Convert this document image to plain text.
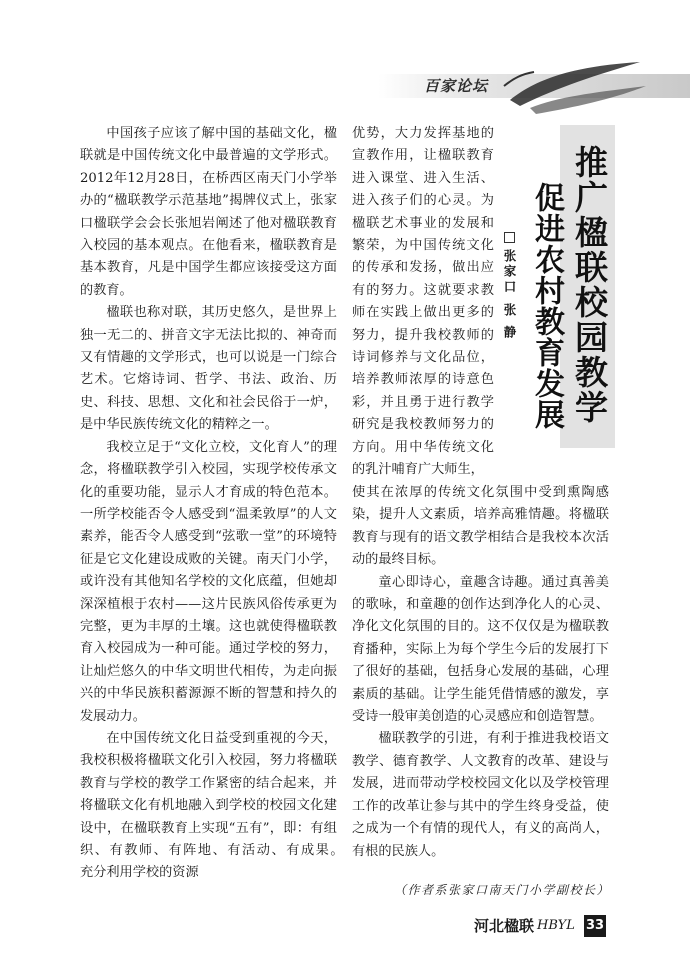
百家论坛

中国孩子应该了解中国的基础文化，楹联就是中国传统文化中最普遍的文学形式。2012年12月28日，在桥西区南天门小学举办的“楹联教学示范基地”揭牌仪式上，张家口楹联学会会长张旭岩阐述了他对楹联教育入校园的基本观点。在他看来，楹联教育是基本教育，凡是中国学生都应该接受这方面的教育。

楹联也称对联，其历史悠久，是世界上独一无二的、拼音文字无法比拟的、神奇而又有情趣的文学形式，也可以说是一门综合艺术。它熔诗词、哲学、书法、政治、历史、科技、思想、文化和社会民俗于一炉，是中华民族传统文化的精粹之一。

我校立足于“文化立校，文化育人”的理念，将楹联教学引入校园，实现学校传承文化的重要功能，显示人才育成的特色范本。一所学校能否令人感受到“温柔敦厚”的人文素养，能否令人感受到“弦歌一堂”的环境特征是它文化建设成败的关键。南天门小学，或许没有其他知名学校的文化底蕴，但她却深深植根于农村——这片民族风俗传承更为完整，更为丰厚的土壤。这也就使得楹联教育入校园成为一种可能。通过学校的努力，让灿烂悠久的中华文明世代相传，为走向振兴的中华民族积蓄源源不断的智慧和持久的发展动力。

在中国传统文化日益受到重视的今天，我校积极将楹联文化引入校园，努力将楹联教育与学校的教学工作紧密的结合起来，并将楹联文化有机地融入到学校的校园文化建设中，在楹联教育上实现“五有”，即：有组织、有教师、有阵地、有活动、有成果。　充分利用学校的资源

优势，大力发挥基地的宣教作用，让楹联教育进入课堂、进入生活、进入孩子们的心灵。为楹联艺术事业的发展和繁荣，为中国传统文化的传承和发扬，做出应有的努力。这就要求教师在实践上做出更多的努力，提升我校教师的诗词修养与文化品位，培养教师浓厚的诗意色彩，并且勇于进行教学研究是我校教师努力的方向。用中华传统文化的乳汁哺育广大师生，

推广楹联校园教学
促进农村教育发展
张家口 张 静

使其在浓厚的传统文化氛围中受到熏陶感染，提升人文素质，培养高雅情趣。将楹联教育与现有的语文教学相结合是我校本次活动的最终目标。

童心即诗心，童趣含诗趣。通过真善美的歌咏，和童趣的创作达到净化人的心灵、净化文化氛围的目的。这不仅仅是为楹联教育播种，实际上为每个学生今后的发展打下了很好的基础，包括身心发展的基础，心理素质的基础。让学生能凭借情感的激发，享受诗一般审美创造的心灵感应和创造智慧。

楹联教学的引进，有利于推进我校语文教学、德育教学、人文教育的改革、建设与发展，进而带动学校校园文化以及学校管理工作的改革让参与其中的学生终身受益，使之成为一个有情的现代人，有义的高尚人，有根的民族人。

（作者系张家口南天门小学副校长）
河北楹联 HBYL 33
